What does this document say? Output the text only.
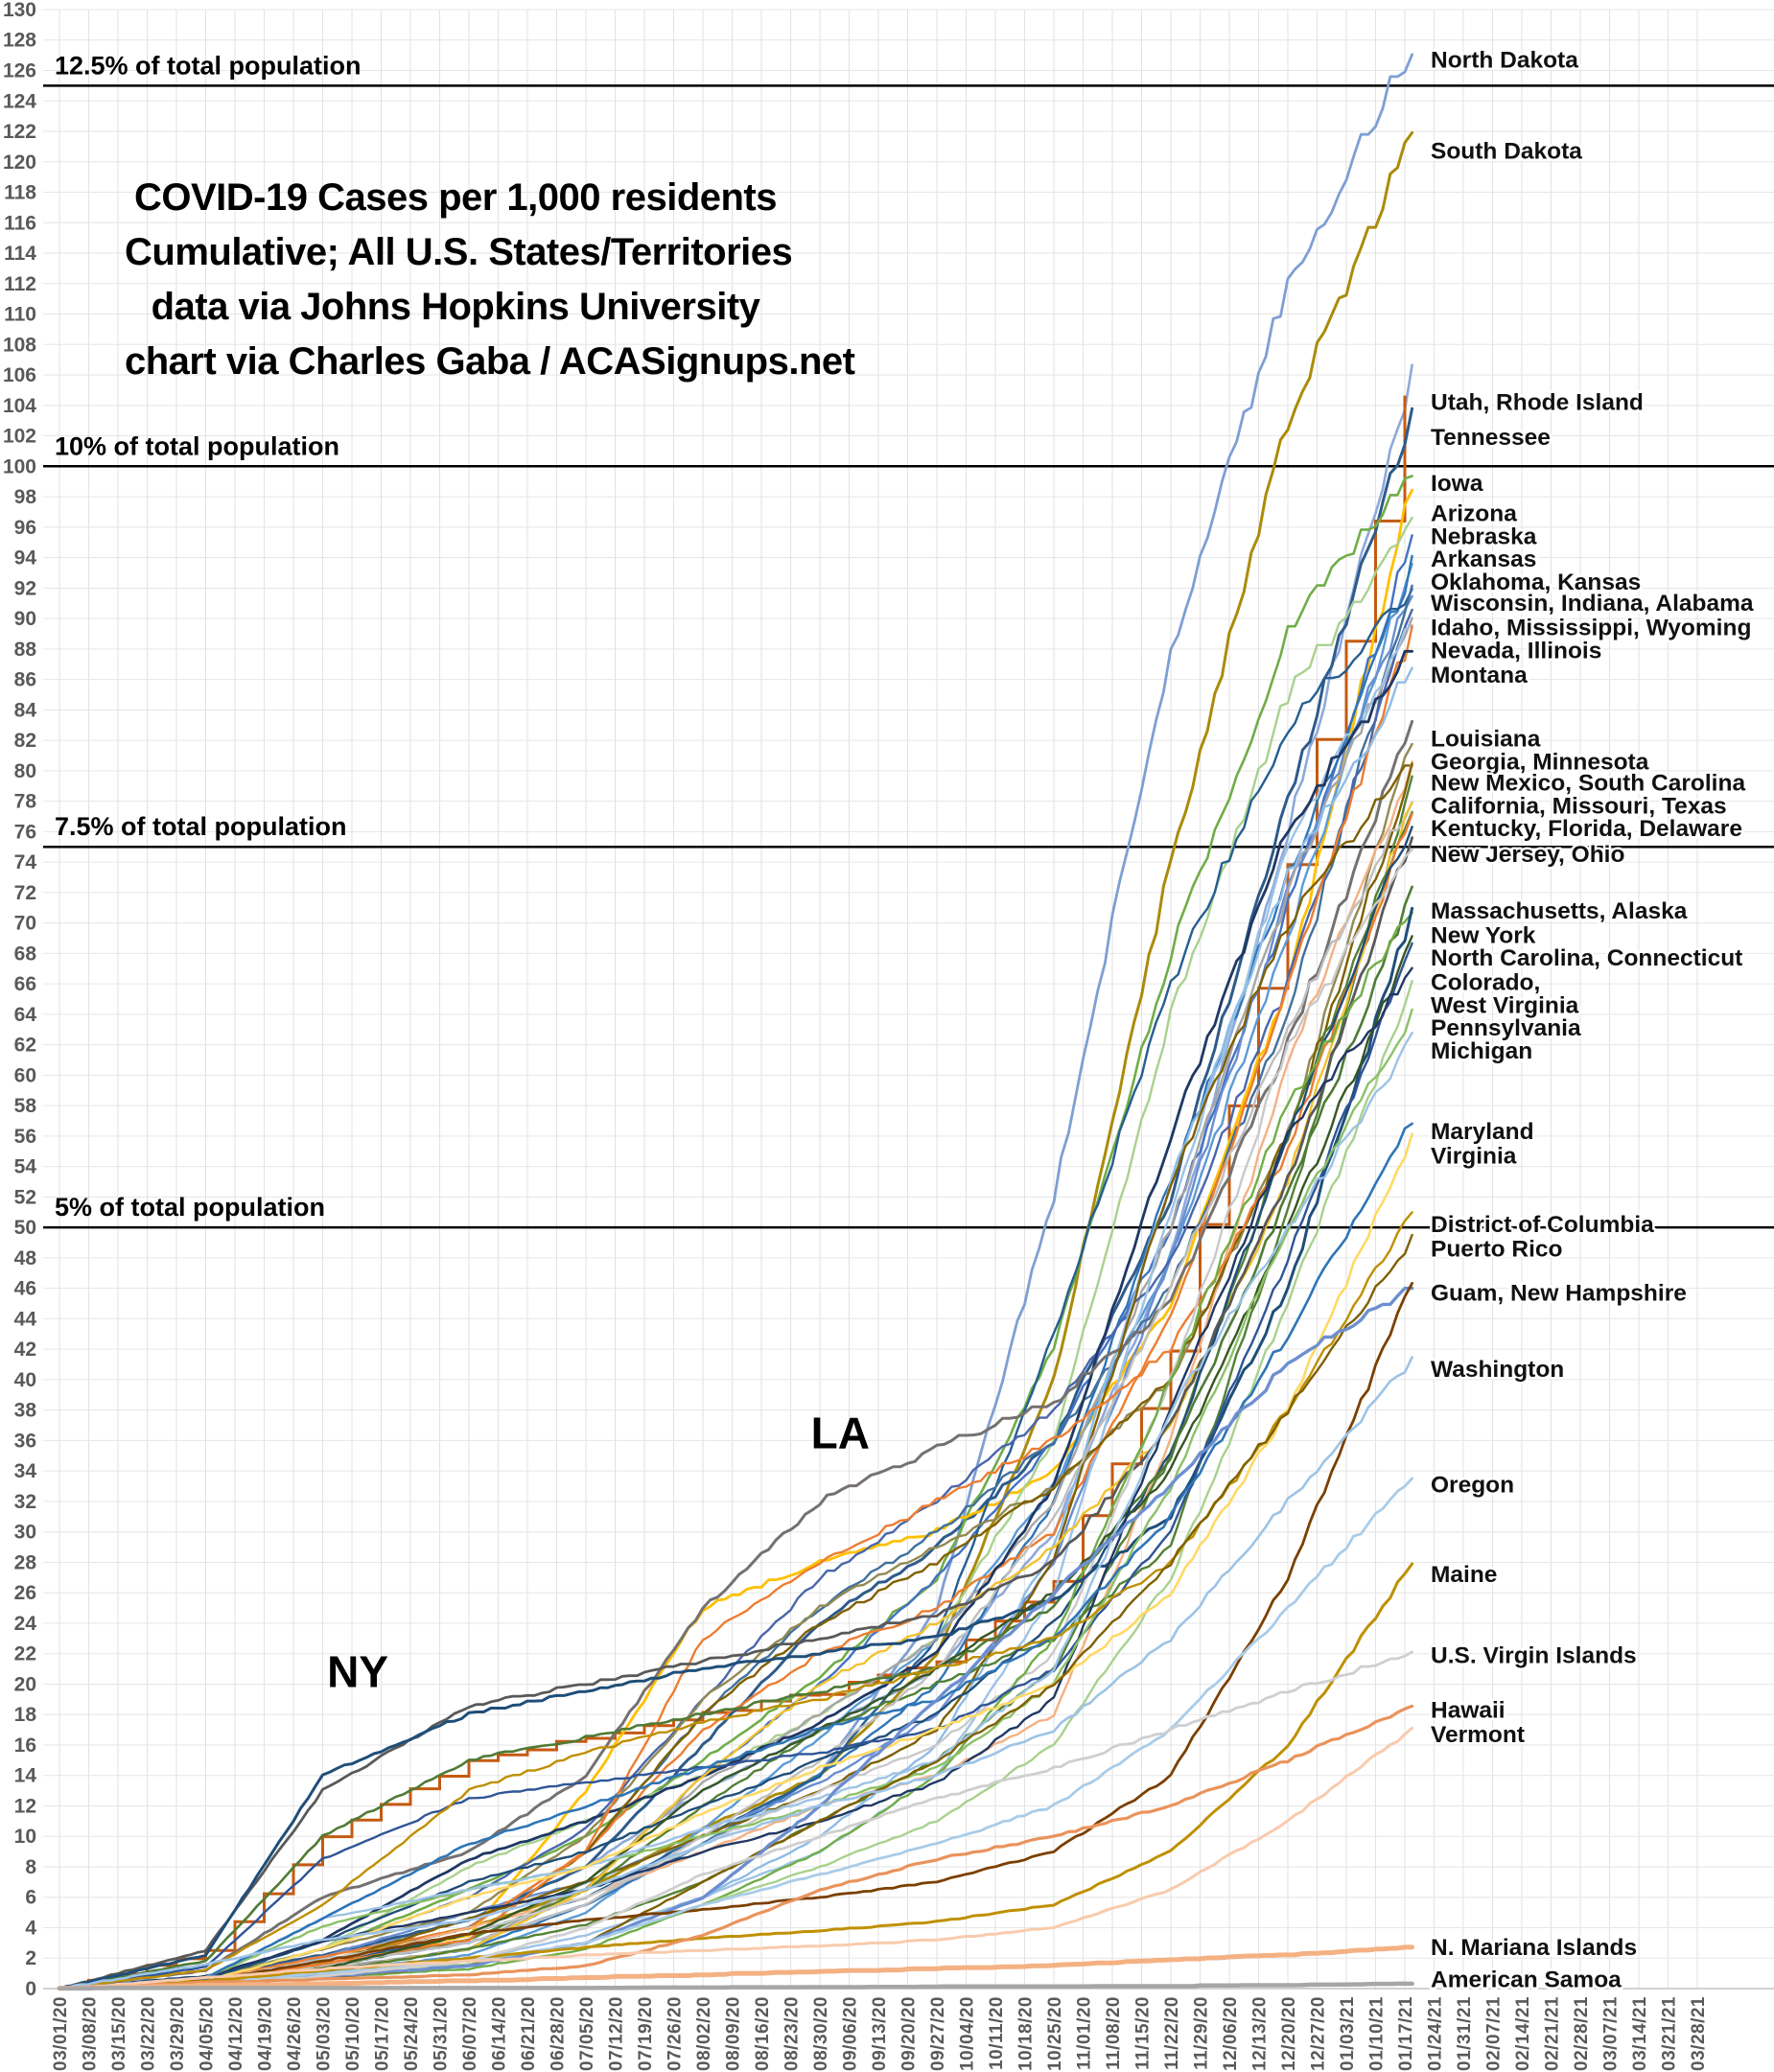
12.5% of total population
10% of total population
7.5% of total population
5% of total population
NY
LA
0
2
4
6
8
10
12
14
16
18
20
22
24
26
28
30
32
34
36
38
40
42
44
46
48
50
52
54
56
58
60
62
64
66
68
70
72
74
76
78
80
82
84
86
88
90
92
94
96
98
100
102
104
106
108
110
112
114
116
118
120
122
124
126
128
130
03/01/20 03/08/20 03/15/20 03/22/20 03/29/20 04/05/20 04/12/20 04/19/20 04/26/20 05/03/20 05/10/20 05/17/20 05/24/20 05/31/20 06/07/20 06/14/20 06/21/20 06/28/20 07/05/20 07/12/20 07/19/20 07/26/20 08/02/20 08/09/20 08/16/20 08/23/20 08/30/20 09/06/20 09/13/20 09/20/20 09/27/20 10/04/20 10/11/20 10/18/20 10/25/20 11/01/20 11/08/20 11/15/20 11/22/20 11/29/20 12/06/20 12/13/20 12/20/20 12/27/20 01/03/21 01/10/21 01/17/21 01/24/21 01/31/21 02/07/21 02/14/21 02/21/21 02/28/21 03/07/21 03/14/21 03/21/21 03/28/21
North Dakota
South Dakota
Utah, Rhode Island
Tennessee
Iowa
Arizona
Nebraska
Arkansas
Oklahoma, Kansas
Wisconsin, Indiana, Alabama
Idaho, Mississippi, Wyoming
Nevada, Illinois
Montana
Louisiana
Georgia, Minnesota
New Mexico, South Carolina
California, Missouri, Texas
Kentucky, Florida, Delaware
New Jersey, Ohio
Massachusetts, Alaska
New York
North Carolina, Connecticut
Colorado,
West Virginia
Pennsylvania
Michigan
Maryland
Virginia
District of Columbia
Puerto Rico
Guam, New Hampshire
Washington
Oregon
Maine
U.S. Virgin Islands
Hawaii
Vermont
N. Mariana Islands
American Samoa
COVID-19 Cases per 1,000 residents
Cumulative; All U.S. States/Territories
data via Johns Hopkins University
chart via Charles Gaba / ACASignups.net
